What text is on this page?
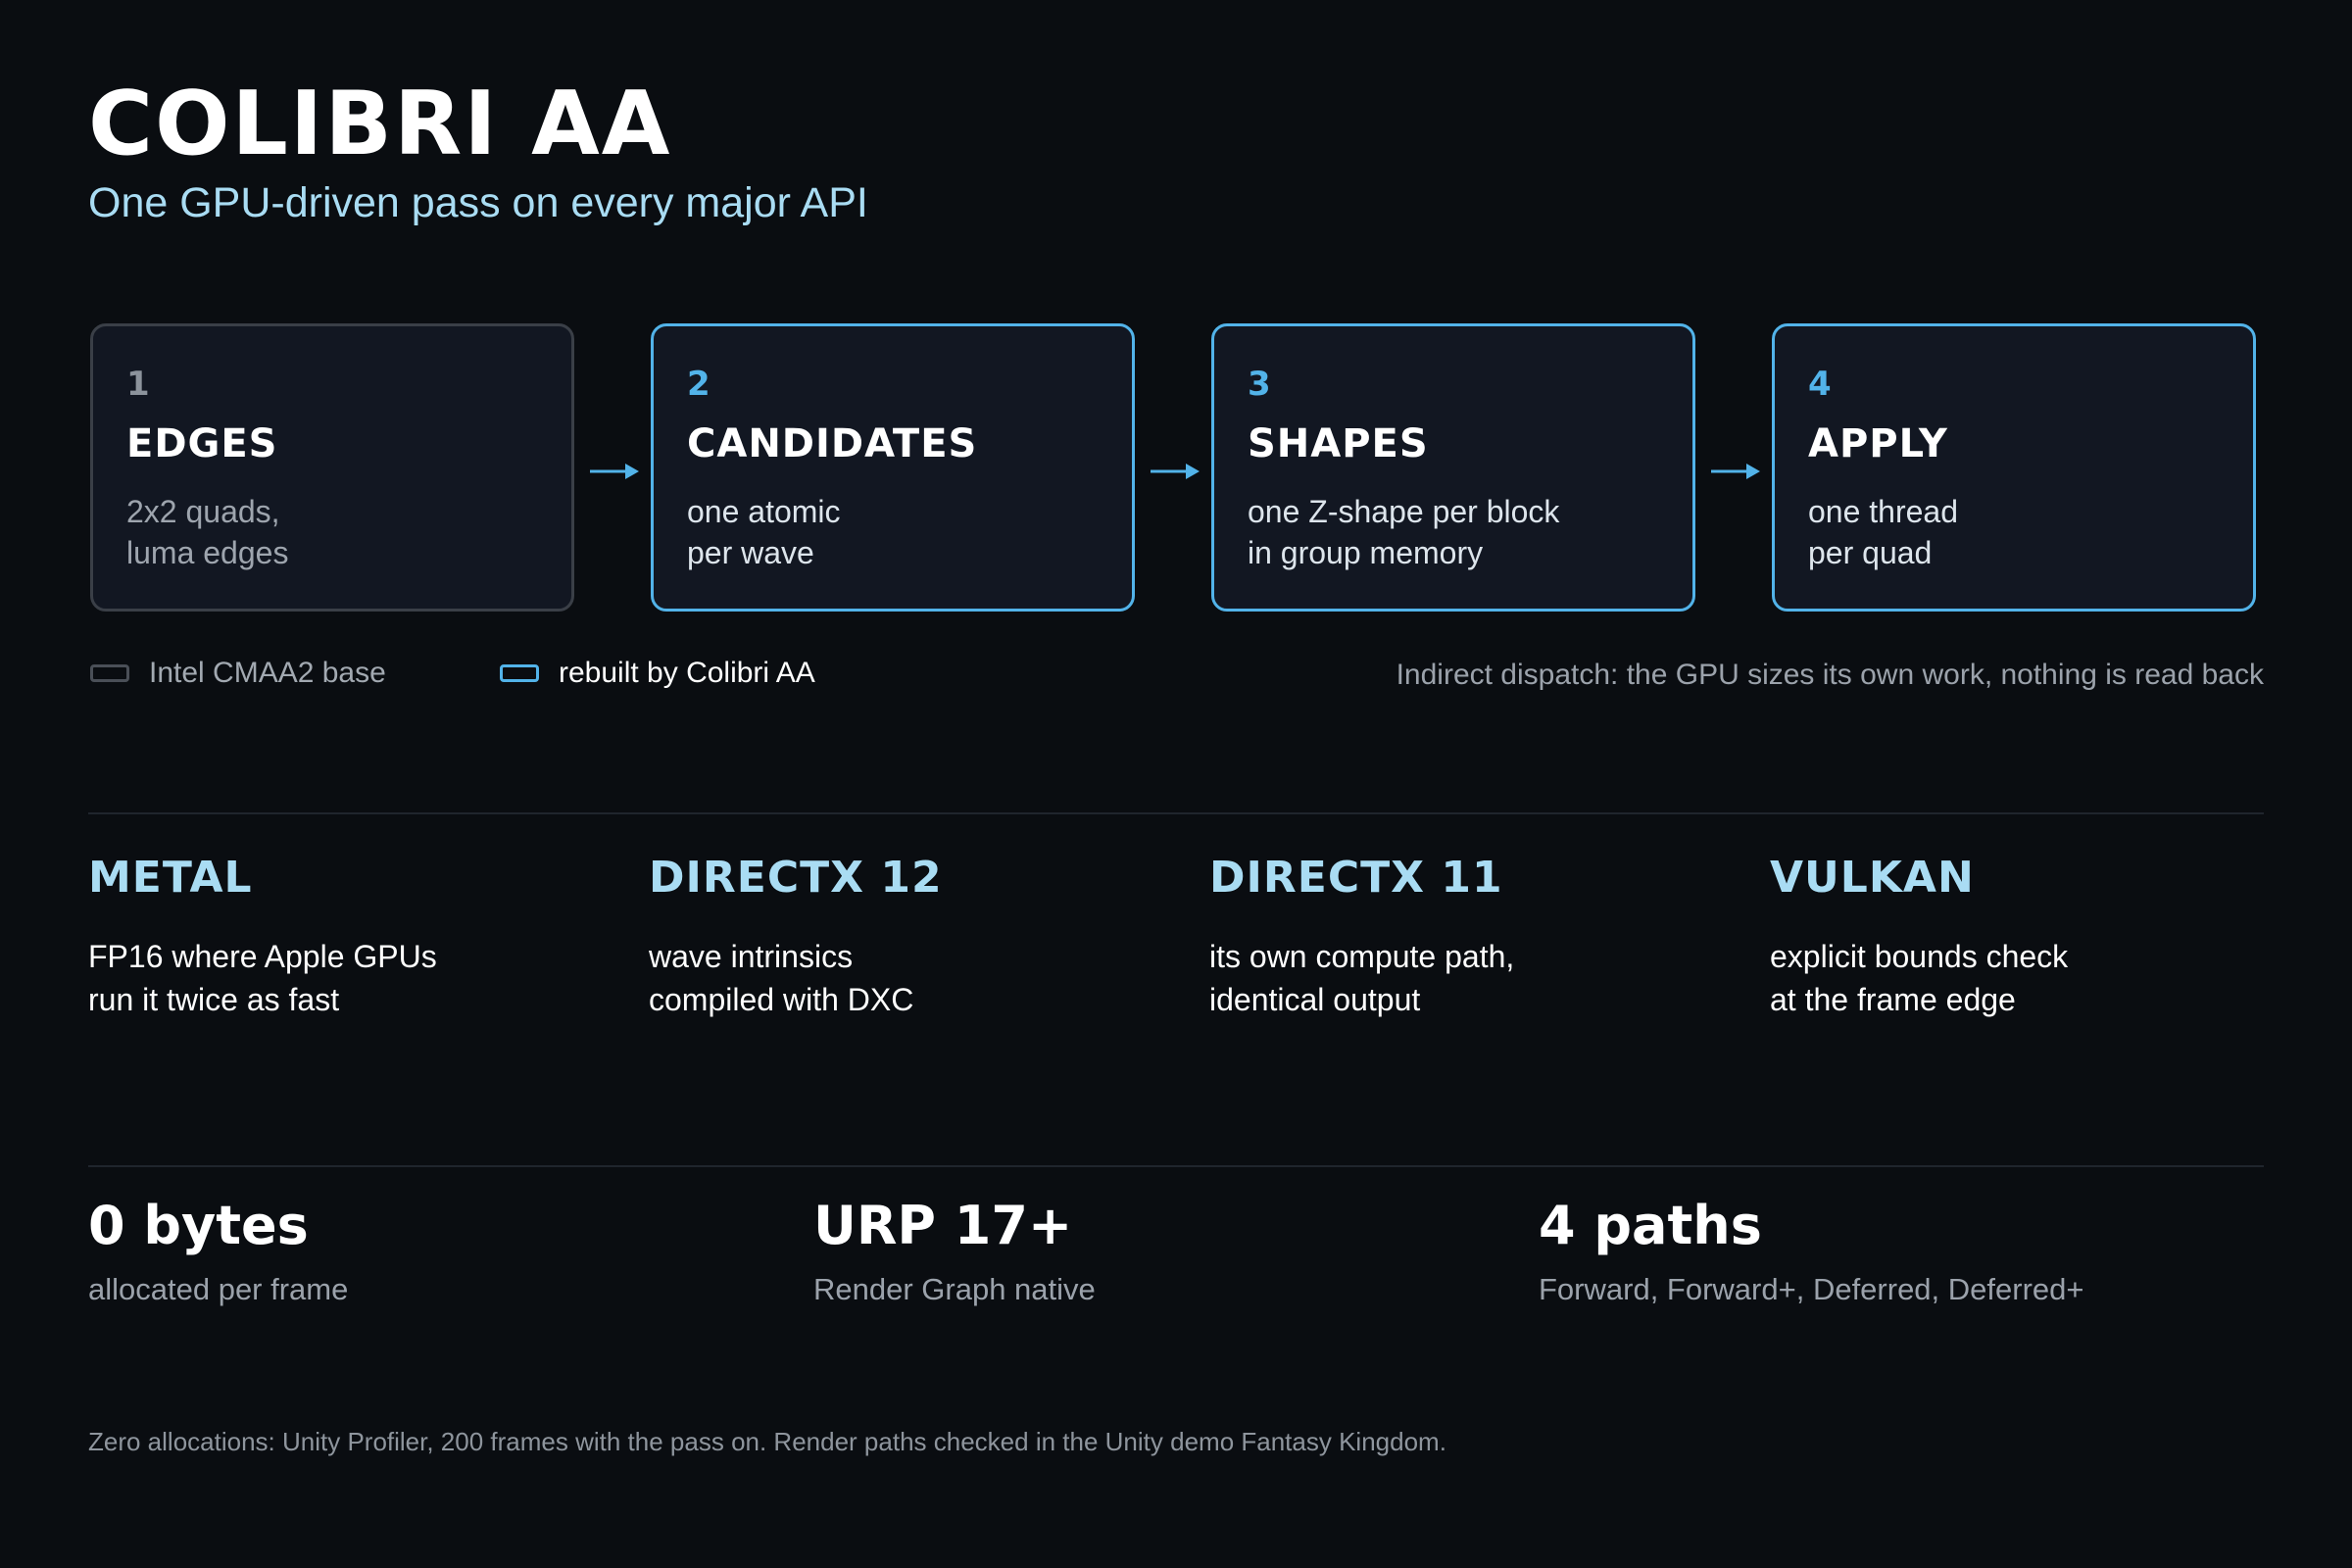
COLIBRI AA
One GPU-driven pass on every major API
1
EDGES
2x2 quads,
luma edges
2
CANDIDATES
one atomic
per wave
3
SHAPES
one Z-shape per block
in group memory
4
APPLY
one thread
per quad
Intel CMAA2 base	rebuilt by Colibri AA	Indirect dispatch: the GPU sizes its own work, nothing is read back
METAL
FP16 where Apple GPUs
run it twice as fast
DIRECTX 12
wave intrinsics
compiled with DXC
DIRECTX 11
its own compute path,
identical output
VULKAN
explicit bounds check
at the frame edge
0 bytes
allocated per frame
URP 17+
Render Graph native
4 paths
Forward, Forward+, Deferred, Deferred+
Zero allocations: Unity Profiler, 200 frames with the pass on. Render paths checked in the Unity demo Fantasy Kingdom.
